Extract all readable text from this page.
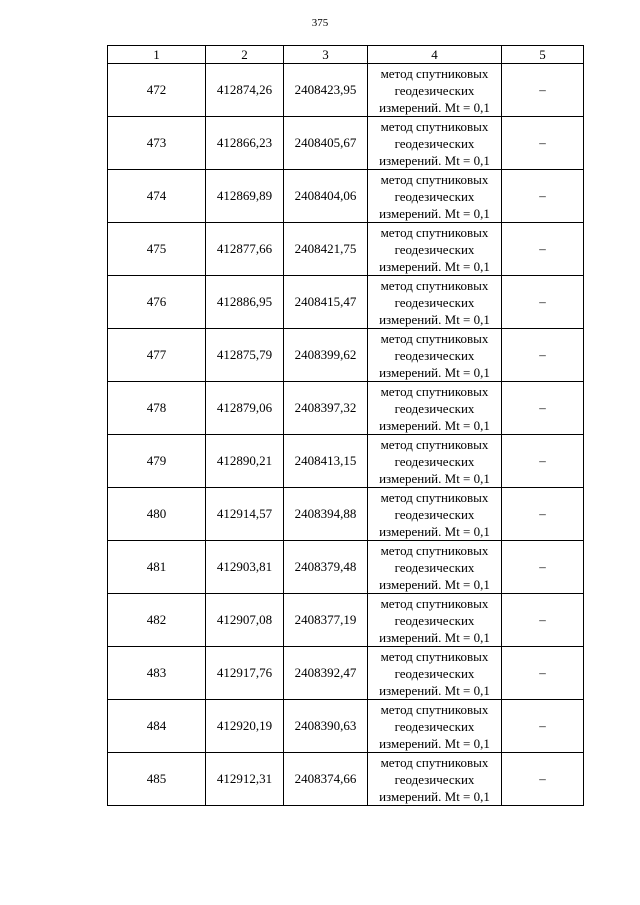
375
1	2	3	4	5
472	412874,26	2408423,95	метод спутниковых
геодезических
измерений. Mt = 0,1	–
473	412866,23	2408405,67	метод спутниковых
геодезических
измерений. Mt = 0,1	–
474	412869,89	2408404,06	метод спутниковых
геодезических
измерений. Mt = 0,1	–
475	412877,66	2408421,75	метод спутниковых
геодезических
измерений. Mt = 0,1	–
476	412886,95	2408415,47	метод спутниковых
геодезических
измерений. Mt = 0,1	–
477	412875,79	2408399,62	метод спутниковых
геодезических
измерений. Mt = 0,1	–
478	412879,06	2408397,32	метод спутниковых
геодезических
измерений. Mt = 0,1	–
479	412890,21	2408413,15	метод спутниковых
геодезических
измерений. Mt = 0,1	–
480	412914,57	2408394,88	метод спутниковых
геодезических
измерений. Mt = 0,1	–
481	412903,81	2408379,48	метод спутниковых
геодезических
измерений. Mt = 0,1	–
482	412907,08	2408377,19	метод спутниковых
геодезических
измерений. Mt = 0,1	–
483	412917,76	2408392,47	метод спутниковых
геодезических
измерений. Mt = 0,1	–
484	412920,19	2408390,63	метод спутниковых
геодезических
измерений. Mt = 0,1	–
485	412912,31	2408374,66	метод спутниковых
геодезических
измерений. Mt = 0,1	–
